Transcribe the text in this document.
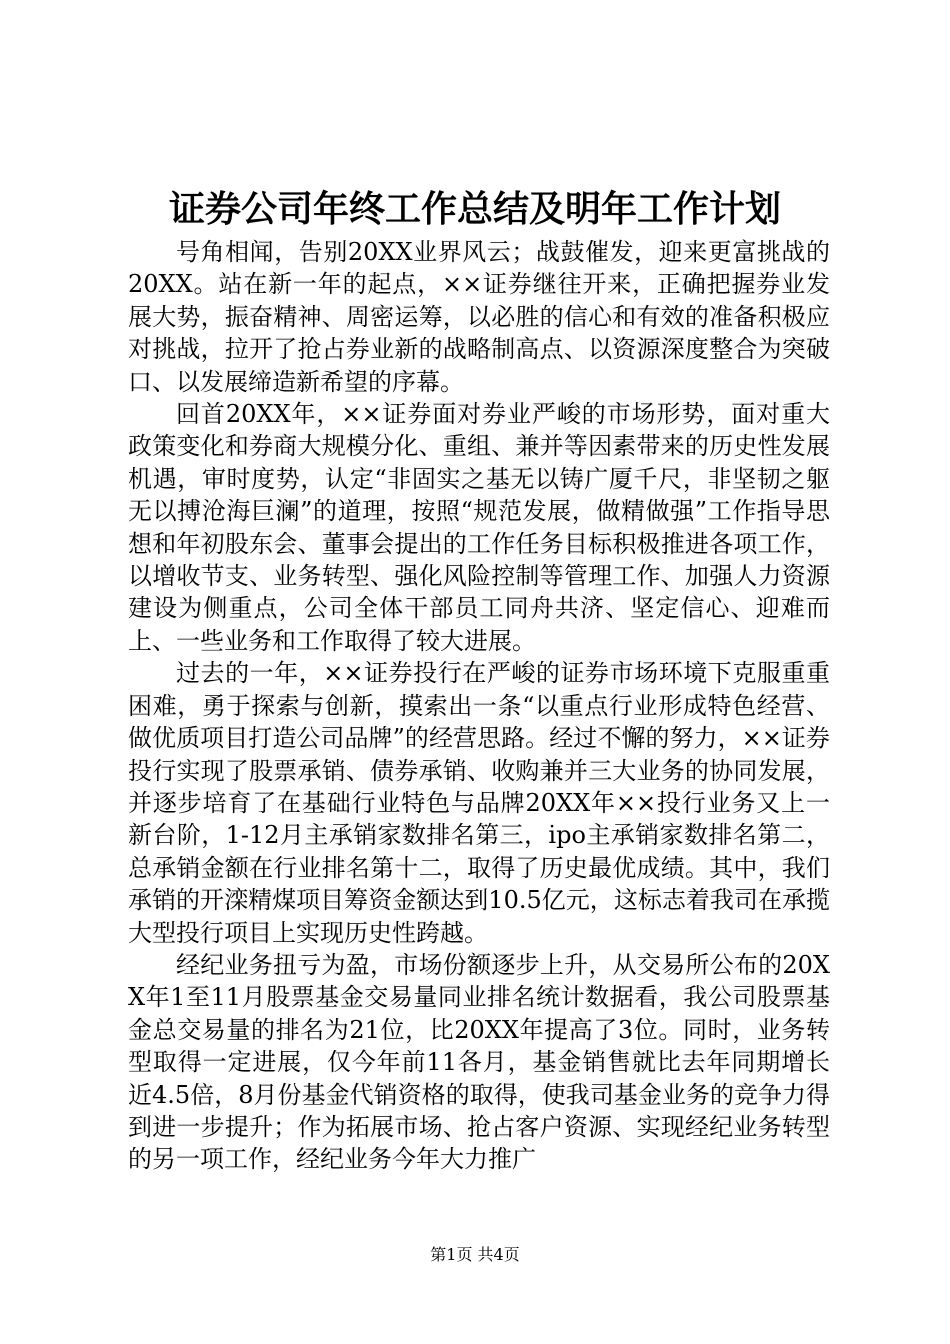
证券公司年终工作总结及明年工作计划

号角相闻，告别20XX业界风云；战鼓催发，迎来更富挑战的20XX。站在新一年的起点，××证券继往开来，正确把握券业发展大势，振奋精神、周密运筹，以必胜的信心和有效的准备积极应对挑战，拉开了抢占券业新的战略制高点、以资源深度整合为突破口、以发展缔造新希望的序幕。

回首20XX年，××证券面对券业严峻的市场形势，面对重大政策变化和券商大规模分化、重组、兼并等因素带来的历史性发展机遇，审时度势，认定“非固实之基无以铸广厦千尺，非坚韧之躯无以搏沧海巨澜”的道理，按照“规范发展，做精做强”工作指导思想和年初股东会、董事会提出的工作任务目标积极推进各项工作，以增收节支、业务转型、强化风险控制等管理工作、加强人力资源建设为侧重点，公司全体干部员工同舟共济、坚定信心、迎难而上、一些业务和工作取得了较大进展。

过去的一年，××证券投行在严峻的证券市场环境下克服重重困难，勇于探索与创新，摸索出一条“以重点行业形成特色经营、做优质项目打造公司品牌”的经营思路。经过不懈的努力，××证券投行实现了股票承销、债券承销、收购兼并三大业务的协同发展，并逐步培育了在基础行业特色与品牌20XX年××投行业务又上一新台阶，1-12月主承销家数排名第三，ipo主承销家数排名第二，总承销金额在行业排名第十二，取得了历史最优成绩。其中，我们承销的开滦精煤项目筹资金额达到10.5亿元，这标志着我司在承揽大型投行项目上实现历史性跨越。

经纪业务扭亏为盈，市场份额逐步上升，从交易所公布的20XX年1至11月股票基金交易量同业排名统计数据看，我公司股票基金总交易量的排名为21位，比20XX年提高了3位。同时，业务转型取得一定进展，仅今年前11各月，基金销售就比去年同期增长近4.5倍，8月份基金代销资格的取得，使我司基金业务的竞争力得到进一步提升；作为拓展市场、抢占客户资源、实现经纪业务转型的另一项工作，经纪业务今年大力推广

第1页 共4页
